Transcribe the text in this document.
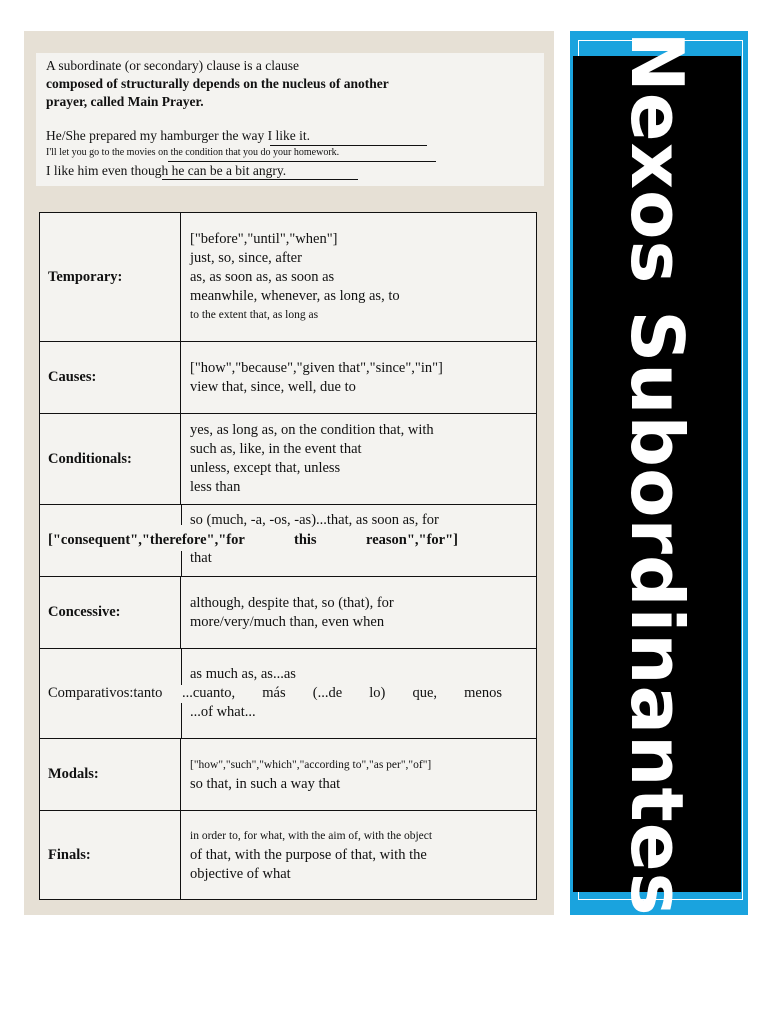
A subordinate (or secondary) clause is a clause
composed of structurally depends on the nucleus of another
prayer, called Main Prayer.
He/She prepared my hamburger the way I like it.
I'll let you go to the movies on the condition that you do your homework.
I like him even though he can be a bit angry.
Temporary:
["before","until","when"]
just, so, since, after
as, as soon as, as soon as
meanwhile, whenever, as long as, to
to the extent that, as long as
Causes:
["how","because","given that","since","in"]
view that, since, well, due to
Conditionals:
yes, as long as, on the condition that, with
such as, like, in the event that
unless, except that, unless
less than
so (much, -a, -os, -as)...that, as soon as, for
["consequent","therefore","for this reason","for"]
that
Concessive:
although, despite that, so (that), for
more/very/much than, even when
Comparativos:tanto
as much as, as...as
...cuanto, más (...de lo) que, menos
...of what...
Modals:
["how","such","which","according to","as per","of"]
so that, in such a way that
Finals:
in order to, for what, with the aim of, with the object
of that, with the purpose of that, with the
objective of what	Nexos Subordinantes
